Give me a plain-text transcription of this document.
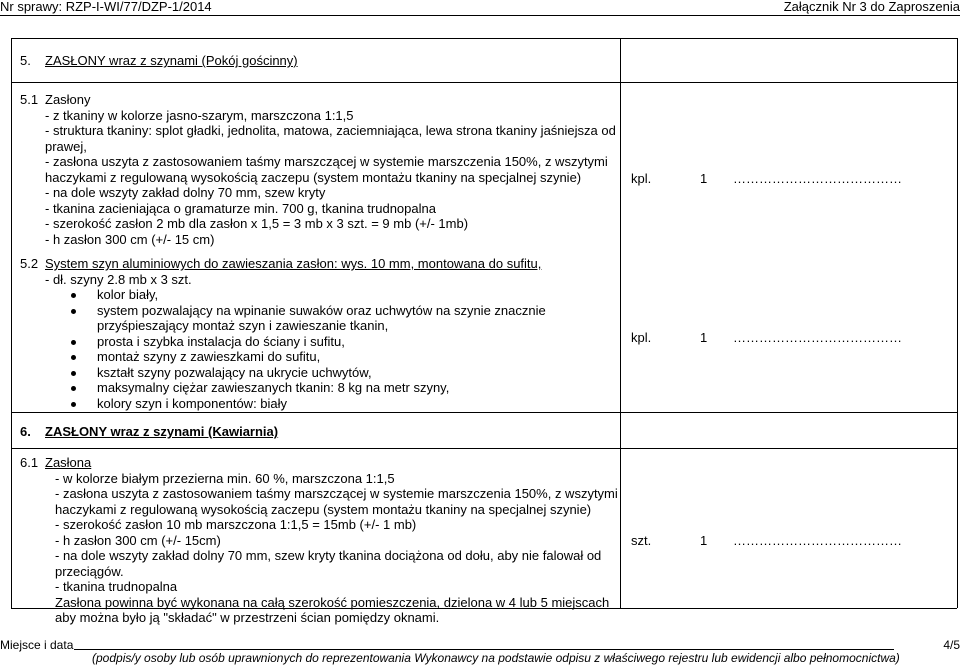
Nr sprawy: RZP-I-WI/77/DZP-1/2014	Załącznik Nr 3 do Zaproszenia
5. ZASŁONY wraz z szynami (Pokój gościnny)
5.1 Zasłony
- z tkaniny w kolorze jasno-szarym, marszczona 1:1,5
- struktura tkaniny: splot gładki, jednolita, matowa, zaciemniająca, lewa strona tkaniny jaśniejsza od
prawej,
- zasłona uszyta z zastosowaniem taśmy marszczącej w systemie marszczenia 150%, z wszytymi
haczykami z regulowaną wysokością zaczepu (system montażu tkaniny na specjalnej szynie)
- na dole wszyty zakład dolny 70 mm, szew kryty
- tkanina zacieniająca o gramaturze min. 700 g, tkanina trudnopalna
- szerokość zasłon 2 mb dla zasłon x 1,5 = 3 mb x 3 szt. = 9 mb (+/- 1mb)
- h zasłon 300 cm (+/- 15 cm)
kpl.	1 …………………………………
5.2 System szyn aluminiowych do zawieszania zasłon: wys. 10 mm, montowana do sufitu,
- dł. szyny 2.8 mb x 3 szt.
kolor biały,
system pozwalający na wpinanie suwaków oraz uchwytów na szynie znacznie
przyśpieszający montaż szyn i zawieszanie tkanin,
prosta i szybka instalacja do ściany i sufitu,
montaż szyny z zawieszkami do sufitu,
kształt szyny pozwalający na ukrycie uchwytów,
maksymalny ciężar zawieszanych tkanin: 8 kg na metr szyny,
kolory szyn i komponentów: biały
kpl.	1 …………………………………
6. ZASŁONY wraz z szynami (Kawiarnia)
6.1 Zasłona
- w kolorze białym przezierna min. 60 %, marszczona 1:1,5
- zasłona uszyta z zastosowaniem taśmy marszczącej w systemie marszczenia 150%, z wszytymi
haczykami z regulowaną wysokością zaczepu (system montażu tkaniny na specjalnej szynie)
- szerokość zasłon 10 mb marszczona 1:1,5 = 15mb (+/- 1 mb)
- h zasłon 300 cm (+/- 15cm)
- na dole wszyty zakład dolny 70 mm, szew kryty tkanina dociążona od dołu, aby nie falował od
przeciągów.
- tkanina trudnopalna
Zasłona powinna być wykonana na całą szerokość pomieszczenia, dzielona w 4 lub 5 miejscach
aby można było ją "składać" w przestrzeni ścian pomiędzy oknami.
szt.	1 …………………………………
Miejsce i data	4/5
(podpis/y osoby lub osób uprawnionych do reprezentowania Wykonawcy na podstawie odpisu z właściwego rejestru lub ewidencji albo pełnomocnictwa)
